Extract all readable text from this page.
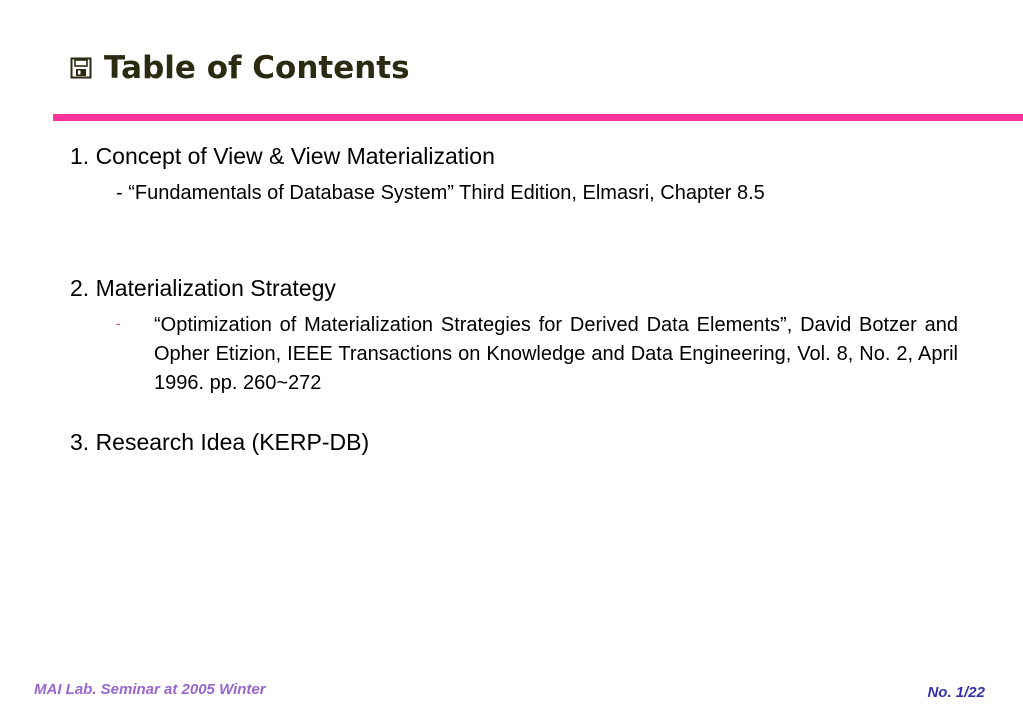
Table of Contents
1. Concept of View & View Materialization
- “Fundamentals of Database System” Third Edition, Elmasri, Chapter 8.5
2. Materialization Strategy
-	“Optimization of Materialization Strategies for Derived Data Elements”, David Botzer and Opher Etizion, IEEE Transactions on Knowledge and Data Engineering, Vol. 8, No. 2, April 1996. pp. 260~272
3. Research Idea (KERP-DB)
MAI Lab. Seminar at 2005 Winter	No. 1/22
